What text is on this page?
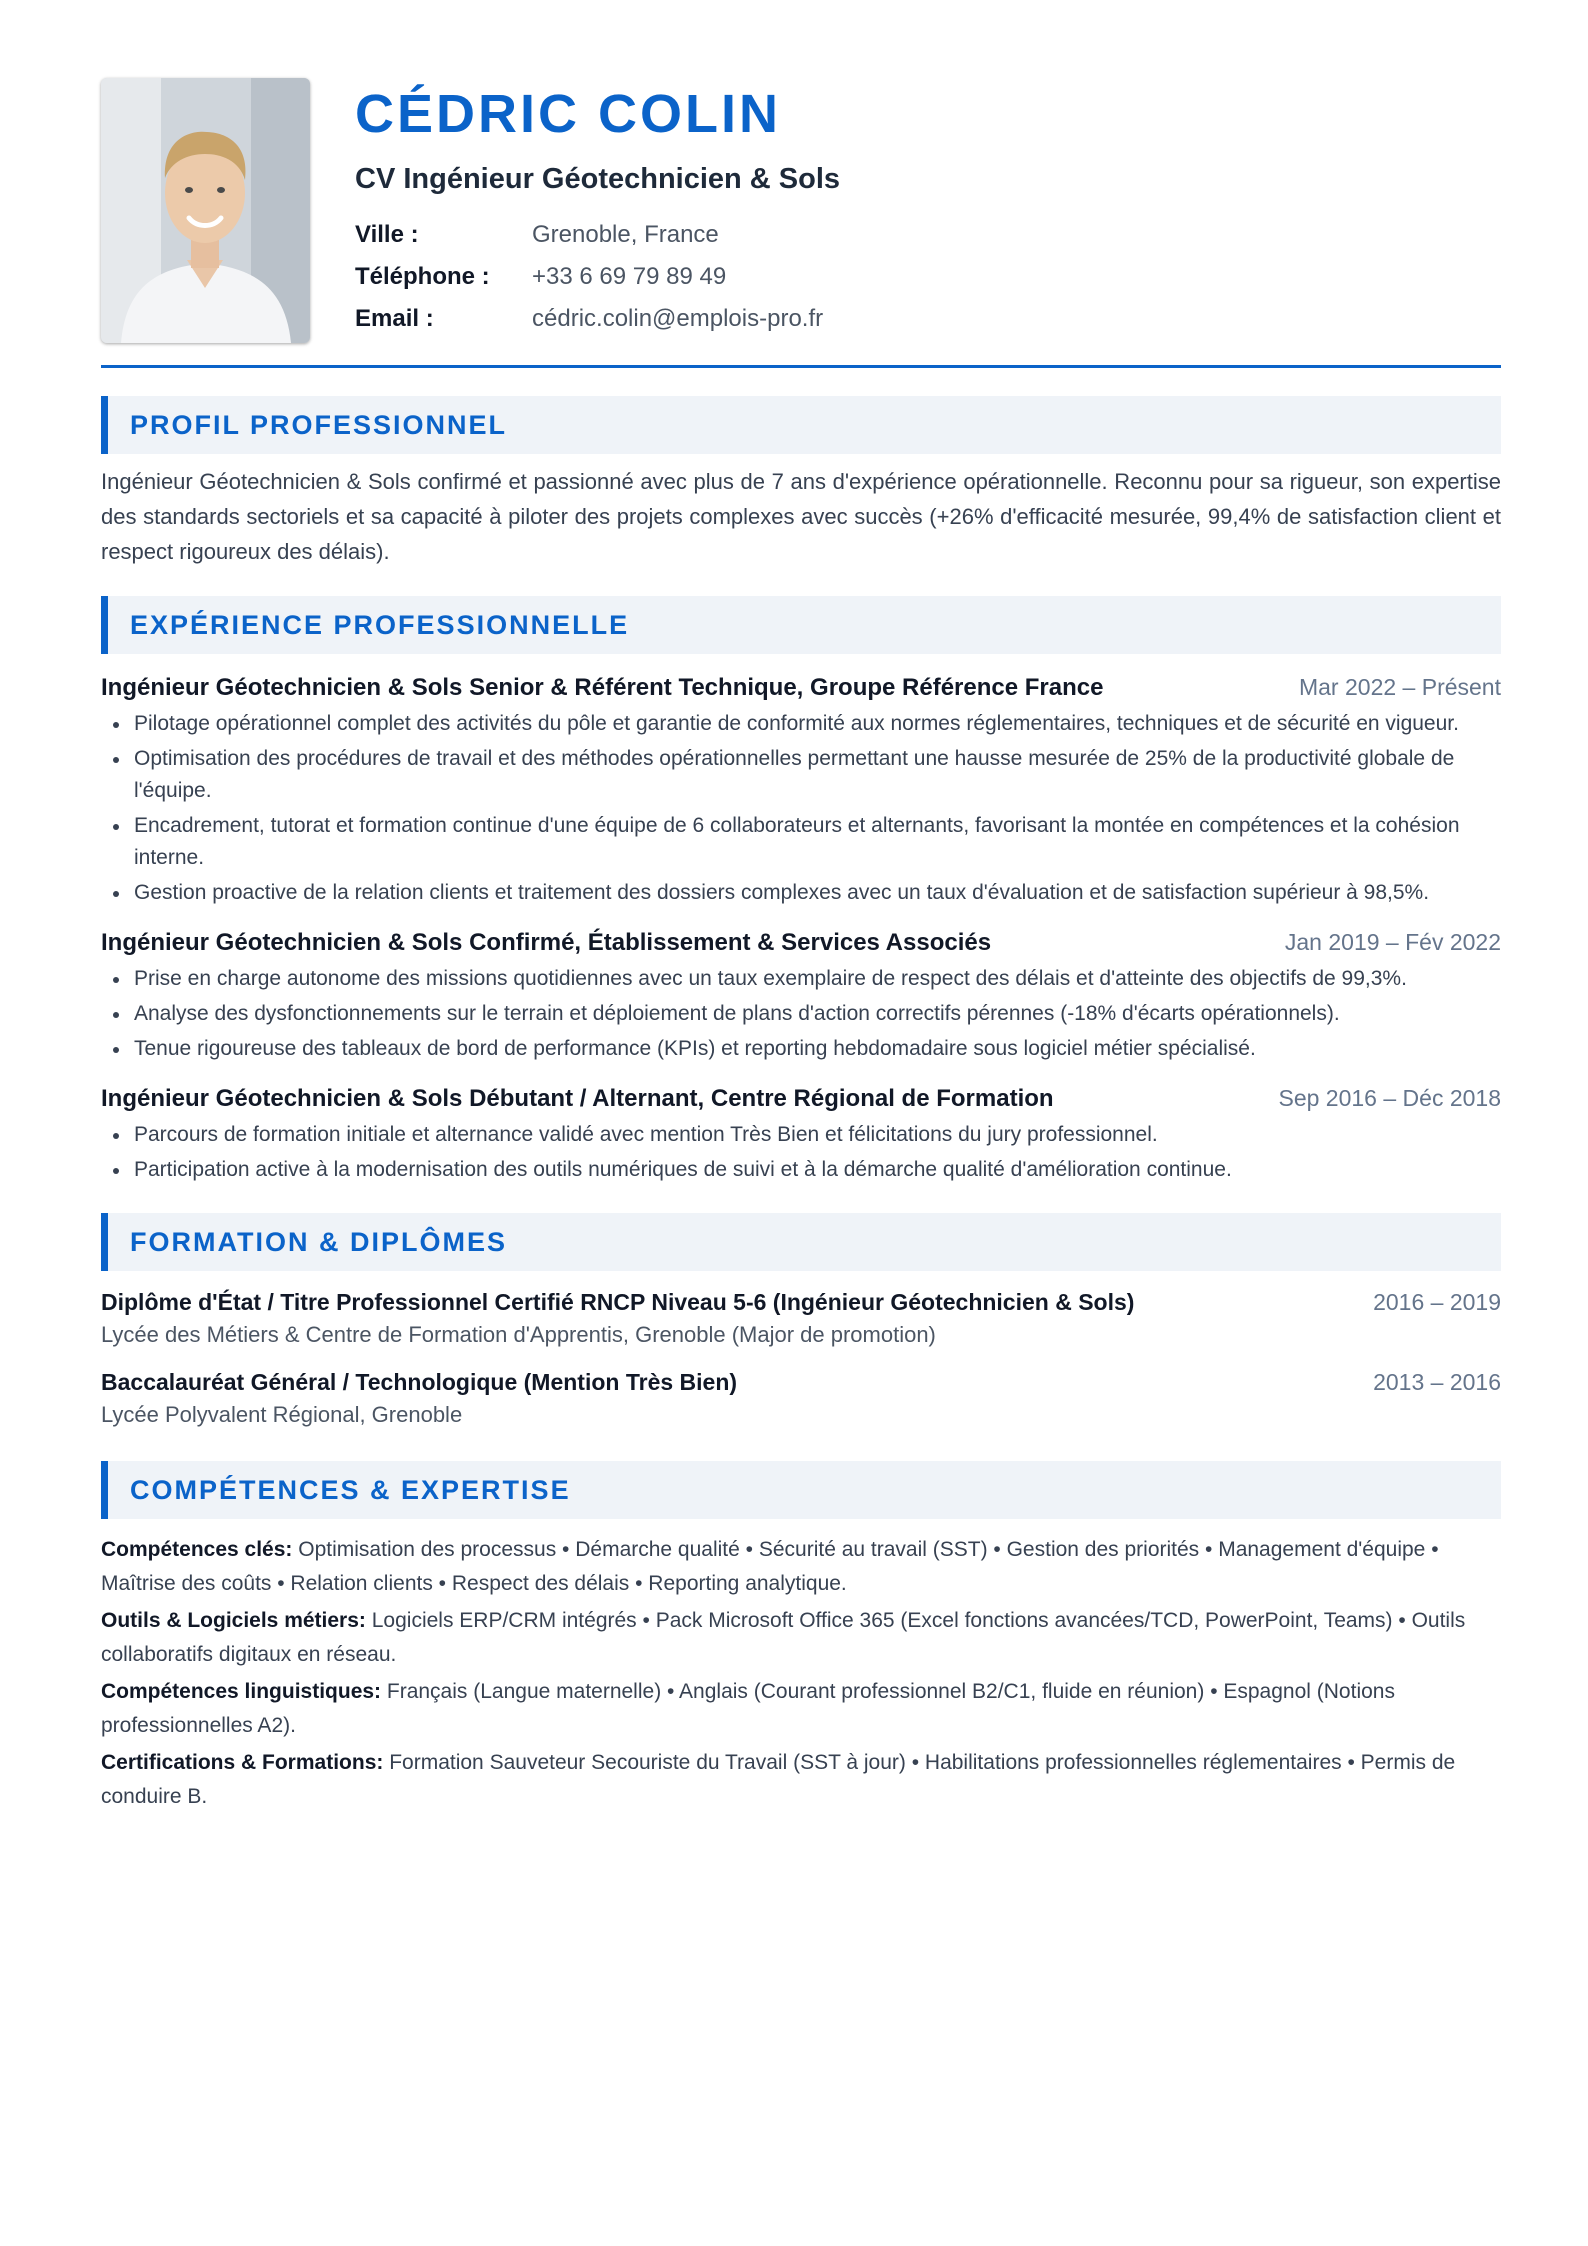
CÉDRIC COLIN
CV Ingénieur Géotechnicien & Sols
Ville :	Grenoble, France
Téléphone :	+33 6 69 79 89 49
Email :	cédric.colin@emplois-pro.fr
PROFIL PROFESSIONNEL

Ingénieur Géotechnicien & Sols confirmé et passionné avec plus de 7 ans d'expérience opérationnelle. Reconnu pour sa rigueur, son expertise des standards sectoriels et sa capacité à piloter des projets complexes avec succès (+26% d'efficacité mesurée, 99,4% de satisfaction client et respect rigoureux des délais).

EXPÉRIENCE PROFESSIONNELLE
Ingénieur Géotechnicien & Sols Senior & Référent Technique, Groupe Référence France	Mar 2022 – Présent
Pilotage opérationnel complet des activités du pôle et garantie de conformité aux normes réglementaires, techniques et de sécurité en vigueur.
Optimisation des procédures de travail et des méthodes opérationnelles permettant une hausse mesurée de 25% de la productivité globale de l'équipe.
Encadrement, tutorat et formation continue d'une équipe de 6 collaborateurs et alternants, favorisant la montée en compétences et la cohésion interne.
Gestion proactive de la relation clients et traitement des dossiers complexes avec un taux d'évaluation et de satisfaction supérieur à 98,5%.
Ingénieur Géotechnicien & Sols Confirmé, Établissement & Services Associés	Jan 2019 – Fév 2022
Prise en charge autonome des missions quotidiennes avec un taux exemplaire de respect des délais et d'atteinte des objectifs de 99,3%.
Analyse des dysfonctionnements sur le terrain et déploiement de plans d'action correctifs pérennes (-18% d'écarts opérationnels).
Tenue rigoureuse des tableaux de bord de performance (KPIs) et reporting hebdomadaire sous logiciel métier spécialisé.
Ingénieur Géotechnicien & Sols Débutant / Alternant, Centre Régional de Formation	Sep 2016 – Déc 2018
Parcours de formation initiale et alternance validé avec mention Très Bien et félicitations du jury professionnel.
Participation active à la modernisation des outils numériques de suivi et à la démarche qualité d'amélioration continue.
FORMATION & DIPLÔMES
Diplôme d'État / Titre Professionnel Certifié RNCP Niveau 5-6 (Ingénieur Géotechnicien & Sols)	2016 – 2019
Lycée des Métiers & Centre de Formation d'Apprentis, Grenoble (Major de promotion)
Baccalauréat Général / Technologique (Mention Très Bien)	2013 – 2016
Lycée Polyvalent Régional, Grenoble
COMPÉTENCES & EXPERTISE

Compétences clés: Optimisation des processus • Démarche qualité • Sécurité au travail (SST) • Gestion des priorités • Management d'équipe • Maîtrise des coûts • Relation clients • Respect des délais • Reporting analytique.

Outils & Logiciels métiers: Logiciels ERP/CRM intégrés • Pack Microsoft Office 365 (Excel fonctions avancées/TCD, PowerPoint, Teams) • Outils collaboratifs digitaux en réseau.

Compétences linguistiques: Français (Langue maternelle) • Anglais (Courant professionnel B2/C1, fluide en réunion) • Espagnol (Notions professionnelles A2).

Certifications & Formations: Formation Sauveteur Secouriste du Travail (SST à jour) • Habilitations professionnelles réglementaires • Permis de conduire B.
